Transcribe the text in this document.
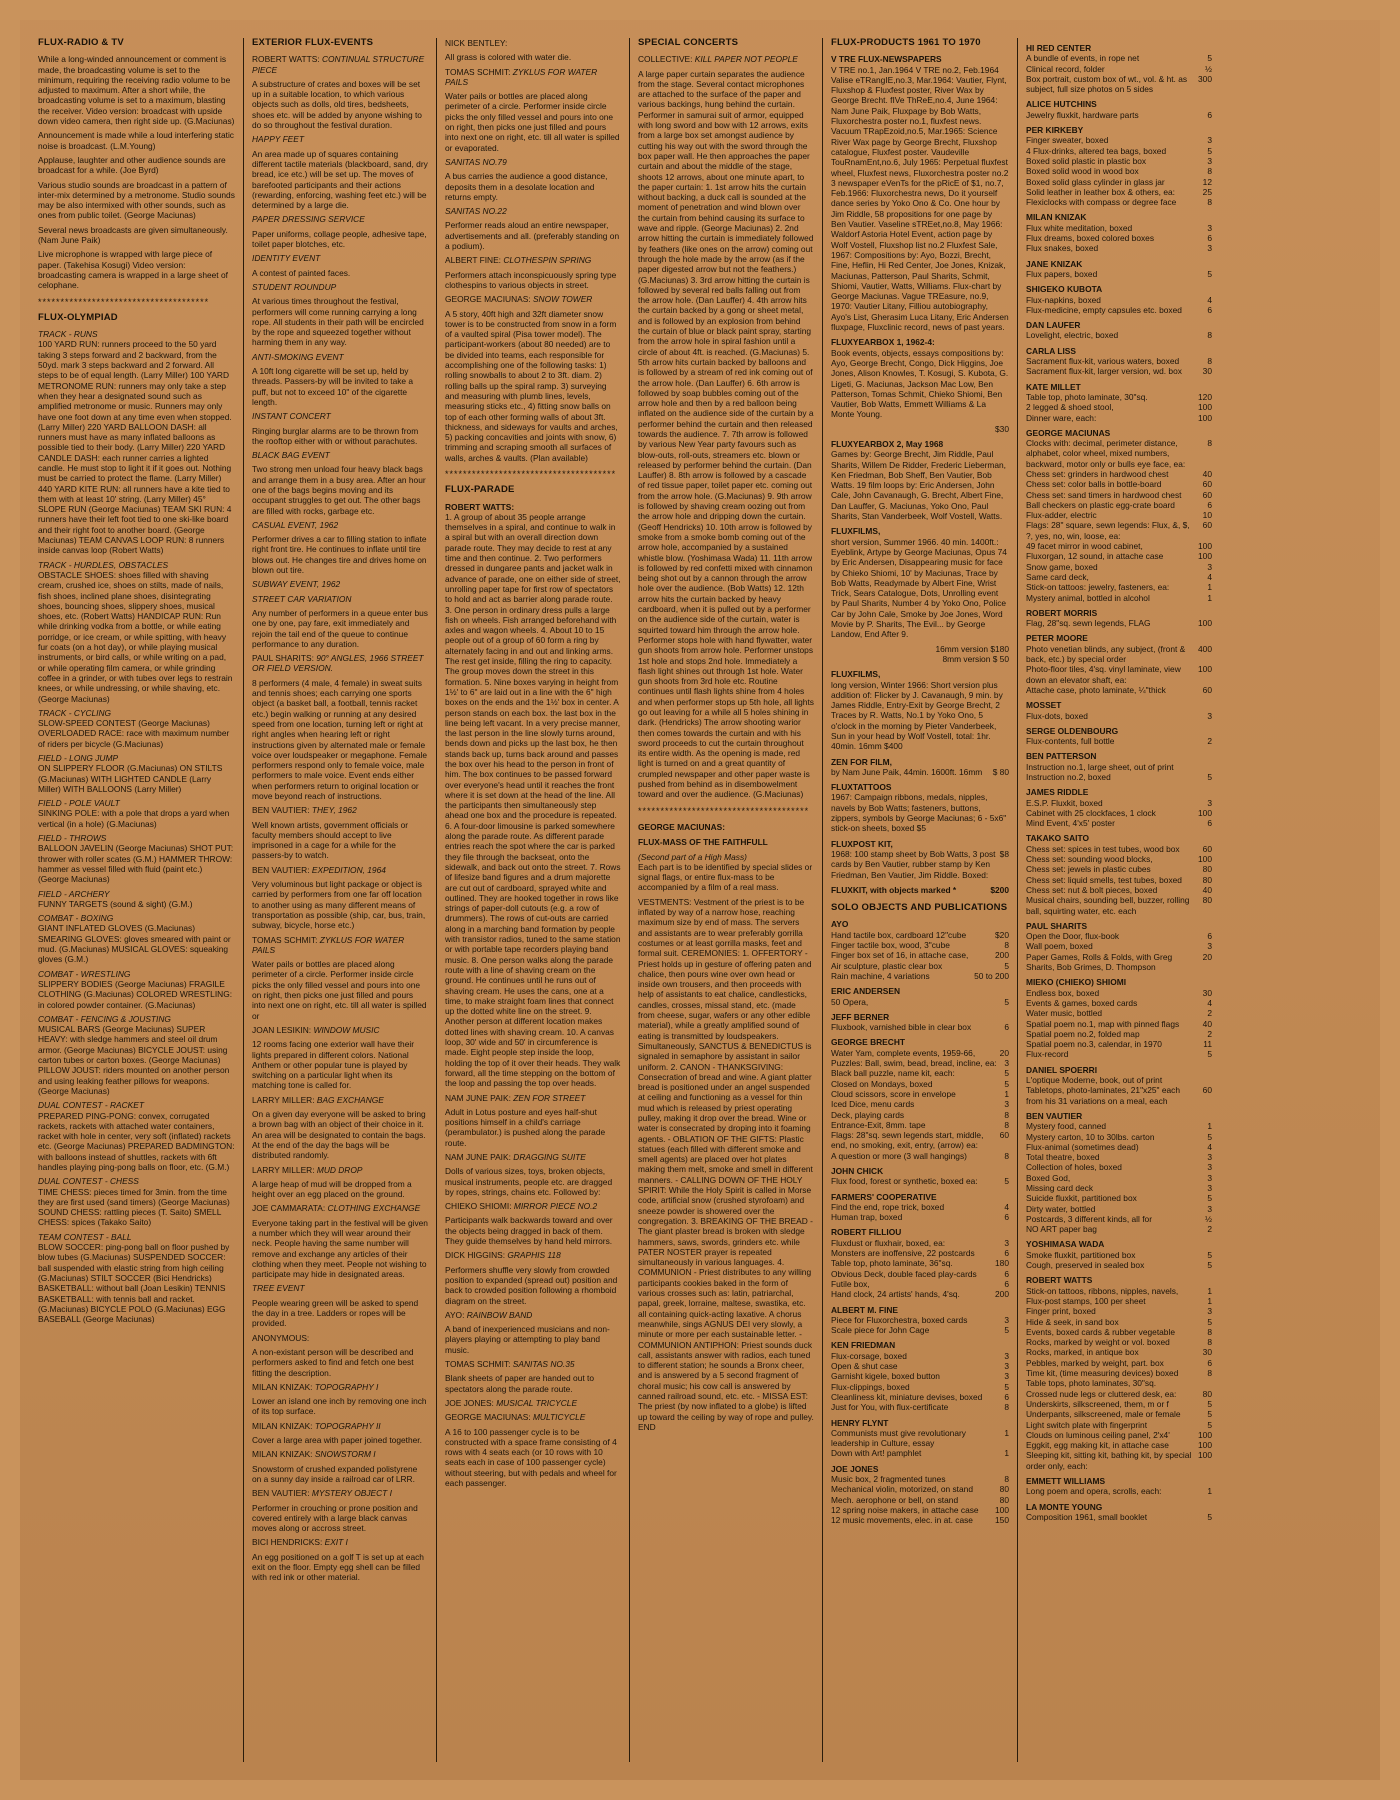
FLUX-RADIO & TV

While a long-winded announcement or comment is made, the broadcasting volume is set to the minimum, requiring the receiving radio volume to be adjusted to maximum. After a short while, the broadcasting volume is set to a maximum, blasting the receiver. Video version: broadcast with upside down video camera, then right side up. (G.Maciunas)

Announcement is made while a loud interfering static noise is broadcast. (L.M.Young)

Applause, laughter and other audience sounds are broadcast for a while. (Joe Byrd)

Various studio sounds are broadcast in a pattern of inter-mix determined by a metronome. Studio sounds may be also intermixed with other sounds, such as ones from public toilet. (George Maciunas)

Several news broadcasts are given simultaneously. (Nam June Paik)

Live microphone is wrapped with large piece of paper. (Takehisa Kosugi) Video version: broadcasting camera is wrapped in a large sheet of celophane.

**************************************
FLUX-OLYMPIAD
TRACK - RUNS

100 YARD RUN: runners proceed to the 50 yard taking 3 steps forward and 2 backward, from the 50yd. mark 3 steps backward and 2 forward. All steps to be of equal length. (Larry Miller) 100 YARD METRONOME RUN: runners may only take a step when they hear a designated sound such as amplified metronome or music. Runners may only have one foot down at any time even when stopped. (Larry Miller) 220 YARD BALLOON DASH: all runners must have as many inflated balloons as possible tied to their body. (Larry Miller) 220 YARD CANDLE DASH: each runner carries a lighted candle. He must stop to light it if it goes out. Nothing must be carried to protect the flame. (Larry Miller) 440 YARD KITE RUN: all runners have a kite tied to them with at least 10' string. (Larry Miller) 45° SLOPE RUN (George Maciunas) TEAM SKI RUN: 4 runners have their left foot tied to one ski-like board and their right foot to another board. (George Maciunas) TEAM CANVAS LOOP RUN: 8 runners inside canvas loop (Robert Watts)

TRACK - HURDLES, OBSTACLES

OBSTACLE SHOES: shoes filled with shaving cream, crushed ice, shoes on stilts, made of nails, fish shoes, inclined plane shoes, disintegrating shoes, bouncing shoes, slippery shoes, musical shoes, etc. (Robert Watts) HANDICAP RUN: Run while drinking vodka from a bottle, or while eating porridge, or ice cream, or while spitting, with heavy fur coats (on a hot day), or while playing musical instruments, or bird calls, or while writing on a pad, or while operating film camera, or while grinding coffee in a grinder, or with tubes over legs to restrain knees, or while undressing, or while shaving, etc. (George Maciunas)

TRACK - CYCLING

SLOW-SPEED CONTEST (George Maciunas) OVERLOADED RACE: race with maximum number of riders per bicycle (G.Maciunas)

FIELD - LONG JUMP

ON SLIPPERY FLOOR (G.Maciunas) ON STILTS (G.Maciunas) WITH LIGHTED CANDLE (Larry Miller) WITH BALLOONS (Larry Miller)

FIELD - POLE VAULT

SINKING POLE: with a pole that drops a yard when vertical (in a hole) (G.Maciunas)

FIELD - THROWS

BALLOON JAVELIN (George Maciunas) SHOT PUT: thrower with roller scates (G.M.) HAMMER THROW: hammer as vessel filled with fluid (paint etc.) (George Maciunas)

FIELD - ARCHERY

FUNNY TARGETS (sound & sight) (G.M.)

COMBAT - BOXING

GIANT INFLATED GLOVES (G.Maciunas) SMEARING GLOVES: gloves smeared with paint or mud. (G.Maciunas) MUSICAL GLOVES: squeaking gloves (G.M.)

COMBAT - WRESTLING

SLIPPERY BODIES (George Maciunas) FRAGILE CLOTHING (G.Maciunas) COLORED WRESTLING: in colored powder container. (G.Maciunas)

COMBAT - FENCING & JOUSTING

MUSICAL BARS (George Maciunas) SUPER HEAVY: with sledge hammers and steel oil drum armor. (George Maciunas) BICYCLE JOUST: using carton tubes or carton boxes. (George Maciunas) PILLOW JOUST: riders mounted on another person and using leaking feather pillows for weapons. (George Maciunas)

DUAL CONTEST - RACKET

PREPARED PING-PONG: convex, corrugated rackets, rackets with attached water containers, racket with hole in center, very soft (inflated) rackets etc. (George Maciunas) PREPARED BADMINGTON: with balloons instead of shuttles, rackets with 6ft handles playing ping-pong balls on floor, etc. (G.M.)

DUAL CONTEST - CHESS

TIME CHESS: pieces timed for 3min. from the time they are first used (sand timers) (George Maciunas) SOUND CHESS: rattling pieces (T. Saito) SMELL CHESS: spices (Takako Saito)

TEAM CONTEST - BALL

BLOW SOCCER: ping-pong ball on floor pushed by blow tubes (G.Maciunas) SUSPENDED SOCCER: ball suspended with elastic string from high ceiling (G.Maciunas) STILT SOCCER (Bici Hendricks) BASKETBALL: without ball (Joan Lesikin) TENNIS BASKETBALL: with tennis ball and racket. (G.Maciunas) BICYCLE POLO (G.Maciunas) EGG BASEBALL (George Maciunas)

EXTERIOR FLUX-EVENTS
ROBERT WATTS: CONTINUAL STRUCTURE PIECE

A substructure of crates and boxes will be set up in a suitable location, to which various objects such as dolls, old tires, bedsheets, shoes etc. will be added by anyone wishing to do so throughout the festival duration.

HAPPY FEET

An area made up of squares containing different tactile materials (blackboard, sand, dry bread, ice etc.) will be set up. The moves of barefooted participants and their actions (rewarding, enforcing, washing feet etc.) will be determined by a large die.

PAPER DRESSING SERVICE

Paper uniforms, collage people, adhesive tape, toilet paper blotches, etc.

IDENTITY EVENT

A contest of painted faces.

STUDENT ROUNDUP

At various times throughout the festival, performers will come running carrying a long rope. All students in their path will be encircled by the rope and squeezed together without harming them in any way.

ANTI-SMOKING EVENT

A 10ft long cigarette will be set up, held by threads. Passers-by will be invited to take a puff, but not to exceed 10" of the cigarette length.

INSTANT CONCERT

Ringing burglar alarms are to be thrown from the rooftop either with or without parachutes.

BLACK BAG EVENT

Two strong men unload four heavy black bags and arrange them in a busy area. After an hour one of the bags begins moving and its occupant struggles to get out. The other bags are filled with rocks, garbage etc.

CASUAL EVENT, 1962

Performer drives a car to filling station to inflate right front tire. He continues to inflate until tire blows out. He changes tire and drives home on blown out tire.

SUBWAY EVENT, 1962
STREET CAR VARIATION

Any number of performers in a queue enter bus one by one, pay fare, exit immediately and rejoin the tail end of the queue to continue performance to any duration.

PAUL SHARITS: 90° ANGLES, 1966 STREET OR FIELD VERSION.

8 performers (4 male, 4 female) in sweat suits and tennis shoes; each carrying one sports object (a basket ball, a football, tennis racket etc.) begin walking or running at any desired speed from one location, turning left or right at right angles when hearing left or right instructions given by alternated male or female voice over loudspeaker or megaphone. Female performers respond only to female voice, male performers to male voice. Event ends either when performers return to original location or move beyond reach of instructions.

BEN VAUTIER: THEY, 1962

Well known artists, government officials or faculty members should accept to live imprisoned in a cage for a while for the passers-by to watch.

BEN VAUTIER: EXPEDITION, 1964

Very voluminous but light package or object is carried by performers from one far off location to another using as many different means of transportation as possible (ship, car, bus, train, subway, bicycle, horse etc.)

TOMAS SCHMIT: ZYKLUS FOR WATER PAILS

Water pails or bottles are placed along perimeter of a circle. Performer inside circle picks the only filled vessel and pours into one on right, then picks one just filled and pours into next one on right, etc. till all water is spilled or

JOAN LESIKIN: WINDOW MUSIC

12 rooms facing one exterior wall have their lights prepared in different colors. National Anthem or other popular tune is played by switching on a particular light when its matching tone is called for.

LARRY MILLER: BAG EXCHANGE

On a given day everyone will be asked to bring a brown bag with an object of their choice in it. An area will be designated to contain the bags. At the end of the day the bags will be distributed randomly.

LARRY MILLER: MUD DROP

A large heap of mud will be dropped from a height over an egg placed on the ground.

JOE CAMMARATA: CLOTHING EXCHANGE

Everyone taking part in the festival will be given a number which they will wear around their neck. People having the same number will remove and exchange any articles of their clothing when they meet. People not wishing to participate may hide in designated areas.

TREE EVENT

People wearing green will be asked to spend the day in a tree. Ladders or ropes will be provided.

ANONYMOUS:

A non-existant person will be described and performers asked to find and fetch one best fitting the description.

MILAN KNIZAK: TOPOGRAPHY I

Lower an island one inch by removing one inch of its top surface.

MILAN KNIZAK: TOPOGRAPHY II

Cover a large area with paper joined together.

MILAN KNIZAK: SNOWSTORM I

Snowstorm of crushed expanded polistyrene on a sunny day inside a railroad car of LRR.

BEN VAUTIER: MYSTERY OBJECT I

Performer in crouching or prone position and covered entirely with a large black canvas moves along or accross street.

BICI HENDRICKS: EXIT I

An egg positioned on a golf T is set up at each exit on the floor. Empty egg shell can be filled with red ink or other material.

NICK BENTLEY:

All grass is colored with water die.

TOMAS SCHMIT: ZYKLUS FOR WATER PAILS

Water pails or bottles are placed along perimeter of a circle. Performer inside circle picks the only filled vessel and pours into one on right, then picks one just filled and pours into next one on right, etc. till all water is spilled or evaporated.

SANITAS NO.79

A bus carries the audience a good distance, deposits them in a desolate location and returns empty.

SANITAS NO.22

Performer reads aloud an entire newspaper, advertisements and all. (preferably standing on a podium).

ALBERT FINE: CLOTHESPIN SPRING

Performers attach inconspicuously spring type clothespins to various objects in street.

GEORGE MACIUNAS: SNOW TOWER

A 5 story, 40ft high and 32ft diameter snow tower is to be constructed from snow in a form of a vaulted spiral (Pisa tower model). The participant-workers (about 80 needed) are to be divided into teams, each responsible for accomplishing one of the following tasks: 1) rolling snowballs to about 2 to 3ft. diam. 2) rolling balls up the spiral ramp. 3) surveying and measuring with plumb lines, levels, measuring sticks etc., 4) fitting snow balls on top of each other forming walls of about 3ft. thickness, and sideways for vaults and arches, 5) packing concavities and joints with snow, 6) trimming and scraping smooth all surfaces of walls, arches & vaults. (Plan available)

**************************************
FLUX-PARADE
ROBERT WATTS:

1. A group of about 35 people arrange themselves in a spiral, and continue to walk in a spiral but with an overall direction down parade route. They may decide to rest at any time and then continue. 2. Two performers dressed in dungaree pants and jacket walk in advance of parade, one on either side of street, unrolling paper tape for first row of spectators to hold and act as barrier along parade route. 3. One person in ordinary dress pulls a large fish on wheels. Fish arranged beforehand with axles and wagon wheels. 4. About 10 to 15 people out of a group of 60 form a ring by alternately facing in and out and linking arms. The rest get inside, filling the ring to capacity. The group moves down the street in this formation. 5. Nine boxes varying in height from 1½' to 6" are laid out in a line with the 6" high boxes on the ends and the 1½' box in center. A person stands on each box. the last box in the line being left vacant. In a very precise manner, the last person in the line slowly turns around, bends down and picks up the last box, he then stands back up, turns back around and passes the box over his head to the person in front of him. The box continues to be passed forward over everyone's head until it reaches the front where it is set down at the head of the line. All the participants then simultaneously step ahead one box and the procedure is repeated. 6. A four-door limousine is parked somewhere along the parade route. As different parade entries reach the spot where the car is parked they file through the backseat, onto the sidewalk, and back out onto the street. 7. Rows of lifesize band figures and a drum majorette are cut out of cardboard, sprayed white and outlined. They are hooked together in rows like strings of paper-doll cutouts (e.g. a row of drummers). The rows of cut-outs are carried along in a marching band formation by people with transistor radios, tuned to the same station or with portable tape recorders playing band music. 8. One person walks along the parade route with a line of shaving cream on the ground. He continues until he runs out of shaving cream. He uses the cans, one at a time, to make straight foam lines that connect up the dotted white line on the street. 9. Another person at different location makes dotted lines with shaving cream. 10. A canvas loop, 30' wide and 50' in circumference is made. Eight people step inside the loop, holding the top of it over their heads. They walk forward, all the time stepping on the bottom of the loop and passing the top over heads.

NAM JUNE PAIK: ZEN FOR STREET

Adult in Lotus posture and eyes half-shut positions himself in a child's carriage (perambulator.) is pushed along the parade route.

NAM JUNE PAIK: DRAGGING SUITE

Dolls of various sizes, toys, broken objects, musical instruments, people etc. are dragged by ropes, strings, chains etc. Followed by:

CHIEKO SHIOMI: MIRROR PIECE NO.2

Participants walk backwards toward and over the objects being dragged in back of them. They guide themselves by hand held mirrors.

DICK HIGGINS: GRAPHIS 118

Performers shuffle very slowly from crowded position to expanded (spread out) position and back to crowded position following a rhomboid diagram on the street.

AYO: RAINBOW BAND

A band of inexperienced musicians and non-players playing or attempting to play band music.

TOMAS SCHMIT: SANITAS NO.35

Blank sheets of paper are handed out to spectators along the parade route.

JOE JONES: MUSICAL TRICYCLE
GEORGE MACIUNAS: MULTICYCLE

A 16 to 100 passenger cycle is to be constructed with a space frame consisting of 4 rows with 4 seats each (or 10 rows with 10 seats each in case of 100 passenger cycle) without steering, but with pedals and wheel for each passenger.

SPECIAL CONCERTS
COLLECTIVE: KILL PAPER NOT PEOPLE

A large paper curtain separates the audience from the stage. Several contact microphones are attached to the surface of the paper and various backings, hung behind the curtain. Performer in samurai suit of armor, equipped with long sword and bow with 12 arrows, exits from a large box set amongst audience by cutting his way out with the sword through the box paper wall. He then approaches the paper curtain and about the middle of the stage, shoots 12 arrows, about one minute apart, to the paper curtain: 1. 1st arrow hits the curtain without backing, a duck call is sounded at the moment of penetration and wind blown over the curtain from behind causing its surface to wave and ripple. (George Maciunas) 2. 2nd arrow hitting the curtain is immediately followed by feathers (like ones on the arrow) coming out through the hole made by the arrow (as if the paper digested arrow but not the feathers.) (G.Maciunas) 3. 3rd arrow hitting the curtain is followed by several red balls falling out from the arrow hole. (Dan Lauffer) 4. 4th arrow hits the curtain backed by a gong or sheet metal, and is followed by an explosion from behind the curtain of blue or black paint spray, starting from the arrow hole in spiral fashion until a circle of about 4ft. is reached. (G.Maciunas) 5. 5th arrow hits curtain backed by balloons and is followed by a stream of red ink coming out of the arrow hole. (Dan Lauffer) 6. 6th arrow is followed by soap bubbles coming out of the arrow hole and then by a red balloon being inflated on the audience side of the curtain by a performer behind the curtain and then released towards the audience. 7. 7th arrow is followed by various New Year party favours such as blow-outs, roll-outs, streamers etc. blown or released by performer behind the curtain. (Dan Lauffer) 8. 8th arrow is followed by a cascade of red tissue paper, toilet paper etc. coming out from the arrow hole. (G.Maciunas) 9. 9th arrow is followed by shaving cream oozing out from the arrow hole and dripping down the curtain. (Geoff Hendricks) 10. 10th arrow is followed by smoke from a smoke bomb coming out of the arrow hole, accompanied by a sustained whistle blow. (Yoshimasa Wada) 11. 11th arrow is followed by red confetti mixed with cinnamon being shot out by a cannon through the arrow hole over the audience. (Bob Watts) 12. 12th arrow hits the curtain backed by heavy cardboard, when it is pulled out by a performer on the audience side of the curtain, water is squirted toward him through the arrow hole. Performer stops hole with hand flywatter, water gun shoots from arrow hole. Performer unstops 1st hole and stops 2nd hole. Immediately a flash light shines out through 1st hole. Water gun shoots from 3rd hole etc. Routine continues until flash lights shine from 4 holes and when performer stops up 5th hole, all lights go out leaving for a while all 5 holes shining in dark. (Hendricks) The arrow shooting warior then comes towards the curtain and with his sword proceeds to cut the curtain throughout its entire width. As the opening is made, red light is turned on and a great quantity of crumpled newspaper and other paper waste is pushed from behind as in disembowelment toward and over the audience. (G.Maciunas)

**************************************
GEORGE MACIUNAS:
FLUX-MASS OF THE FAITHFULL
(Second part of a High Mass)

Each part is to be identified by special slides or signal flags, or entire flux-mass to be accompanied by a film of a real mass.

VESTMENTS: Vestment of the priest is to be inflated by way of a narrow hose, reaching maximum size by end of mass. The servers and assistants are to wear preferably gorrilla costumes or at least gorrilla masks, feet and formal suit. CEREMONIES: 1. OFFERTORY - Priest holds up in gesture of offering paten and chalice, then pours wine over own head or inside own trousers, and then proceeds with help of assistants to eat chalice, candlesticks, candles, crosses, missal stand, etc. (made from cheese, sugar, wafers or any other edible material), while a greatly amplified sound of eating is transmitted by loudspeakers. Simultaneously, SANCTUS & BENEDICTUS is signaled in semaphore by assistant in sailor uniform. 2. CANON - THANKSGIVING: Consecration of bread and wine. A giant platter bread is positioned under an angel suspended at ceiling and functioning as a vessel for thin mud which is released by priest operating pulley, making it drop over the bread. Wine or water is consecrated by droping into it foaming agents. - OBLATION OF THE GIFTS: Plastic statues (each filled with different smoke and smell agents) are placed over hot plates making them melt, smoke and smell in different manners. - CALLING DOWN OF THE HOLY SPIRIT: While the Holy Spirit is called in Morse code, artificial snow (crushed styrofoam) and sneeze powder is showered over the congregation. 3. BREAKING OF THE BREAD - The giant plaster bread is broken with sledge hammers, saws, swords, grinders etc. while PATER NOSTER prayer is repeated simultaneously in various languages. 4. COMMUNION - Priest distributes to any willing participants cookies baked in the form of various crosses such as: latin, patriarchal, papal, greek, lorraine, maltese, swastika, etc. all containing quick-acting laxative. A chorus meanwhile, sings AGNUS DEI very slowly, a minute or more per each sustainable letter. - COMMUNION ANTIPHON: Priest sounds duck call, assistants answer with radios, each tuned to different station; he sounds a Bronx cheer, and is answered by a 5 second fragment of choral music; his cow call is answered by canned railroad sound, etc. etc. - MISSA EST: The priest (by now inflated to a globe) is lifted up toward the ceiling by way of rope and pulley. END

FLUX-PRODUCTS 1961 TO 1970
V TRE FLUX-NEWSPAPERS

V TRE no.1, Jan.1964 V TRE no.2, Feb.1964 Valise eTRangIE,no.3, Mar.1964: Vautier, Flynt, Fluxshop & Fluxfest poster, River Wax by George Brecht. fIVe ThReE,no.4, June 1964: Nam June Paik, Fluxpage by Bob Watts, Fluxorchestra poster no.1, fluxfest news. Vacuum TRapEzoid,no.5, Mar.1965: Science River Wax page by George Brecht, Fluxshop catalogue, Fluxfest poster. Vaudeville TouRnamEnt,no.6, July 1965: Perpetual fluxfest wheel, Fluxfest news, Fluxorchestra poster no.2 3 newspaper eVenTs for the pRicE of $1, no.7, Feb.1966: Fluxorchestra news, Do it yourself dance series by Yoko Ono & Co. One hour by Jim Riddle, 58 propositions for one page by Ben Vautier. Vaseline sTREet,no.8, May 1966: Waldorf Astoria Hotel Event, action page by Wolf Vostell, Fluxshop list no.2 Fluxfest Sale, 1967: Compositions by: Ayo, Bozzi, Brecht, Fine, Heflin, Hi Red Center, Joe Jones, Knizak, Maciunas, Patterson, Paul Sharits, Schmit, Shiomi, Vautier, Watts, Williams. Flux-chart by George Maciunas. Vague TREasure, no.9, 1970: Vautier Litany, Filliou autobiography, Ayo's List, Gherasim Luca Litany, Eric Andersen fluxpage, Fluxclinic record, news of past years.

FLUXYEARBOX 1, 1962-4:

Book events, objects, essays compositions by: Ayo, George Brecht, Congo, Dick Higgins, Joe Jones, Alison Knowles, T. Kosugi, S. Kubota, G. Ligeti, G. Maciunas, Jackson Mac Low, Ben Patterson, Tomas Schmit, Chieko Shiomi, Ben Vautier, Bob Watts, Emmett Williams & La Monte Young.

$30
FLUXYEARBOX 2, May 1968

Games by: George Brecht, Jim Riddle, Paul Sharits, Willem De Ridder, Frederic Lieberman, Ken Friedman, Bob Sheff, Ben Vautier, Bob Watts. 19 film loops by: Eric Andersen, John Cale, John Cavanaugh, G. Brecht, Albert Fine, Dan Lauffer, G. Maciunas, Yoko Ono, Paul Sharits, Stan Vanderbeek, Wolf Vostell, Watts.

FLUXFILMS,

short version, Summer 1966. 40 min. 1400ft.: Eyeblink, Artype by George Maciunas, Opus 74 by Eric Andersen, Disappearing music for face by Chieko Shiomi, 10' by Maciunas, Trace by Bob Watts, Readymade by Albert Fine, Wrist Trick, Sears Catalogue, Dots, Unrolling event by Paul Sharits, Number 4 by Yoko Ono, Police Car by John Cale, Smoke by Joe Jones, Word Movie by P. Sharits, The Evil... by George Landow, End After 9.

16mm version $180
8mm version $ 50
FLUXFILMS,

long version, Winter 1966: Short version plus addition of: Flicker by J. Cavanaugh, 9 min. by James Riddle, Entry-Exit by George Brecht, 2 Traces by R. Watts, No.1 by Yoko Ono, 5 o'clock in the morning by Pieter Vanderbeek, Sun in your head by Wolf Vostell, total: 1hr. 40min. 16mm $400

ZEN FOR FILM,
by Nam June Paik, 44min. 1600ft. 16mm	$ 80
FLUXTATTOOS

1967: Campaign ribbons, medals, nipples, navels by Bob Watts; fasteners, buttons, zippers, symbols by George Maciunas; 6 - 5x6" stick-on sheets, boxed $5

FLUXPOST KIT,
1968: 100 stamp sheet by Bob Watts, 3 post cards by Ben Vautier, rubber stamp by Ken Friedman, Ben Vautier, Jim Riddle. Boxed:
$8
FLUXKIT, with objects marked *	$200
SOLO OBJECTS AND PUBLICATIONS
AYO
Hand tactile box, cardboard 12"cube	$20
Finger tactile box, wood, 3"cube	8
Finger box set of 16, in attache case,	200
Air sculpture, plastic clear box	5
Rain machine, 4 variations	50 to 200
ERIC ANDERSEN
50 Opera,	5
JEFF BERNER
Fluxbook, varnished bible in clear box	6
GEORGE BRECHT
Water Yam, complete events, 1959-66,	20
Puzzles: Ball, swim, bead, bread, incline, ea: 3
Black ball puzzle, name kit, each:	5
Closed on Mondays, boxed	5
Cloud scissors, score in envelope	1
Iced Dice, menu cards	3
Deck, playing cards	8
Entrance-Exit, 8mm. tape	8
Flags: 28"sq. sewn legends start, middle, end, no smoking, exit, entry, (arrow) ea:
60
A question or more (3 wall hangings)	8
JOHN CHICK
Flux food, forest or synthetic, boxed ea:	5
FARMERS' COOPERATIVE
Find the end, rope trick, boxed	4
Human trap, boxed	6
ROBERT FILLIOU
Fluxdust or fluxhair, boxed, ea:	3
Monsters are inoffensive, 22 postcards	6
Table top, photo laminate, 36"sq.	180
Obvious Deck, double faced play-cards	6
Futile box,	6
Hand clock, 24 artists' hands, 4'sq.	200
ALBERT M. FINE
Piece for Fluxorchestra, boxed cards	3
Scale piece for John Cage	5
KEN FRIEDMAN
Flux-corsage, boxed	3
Open & shut case	3
Garnisht kigele, boxed button	3
Flux-clippings, boxed	5
Cleanliness kit, miniature devises, boxed	6
Just for You, with flux-certificate	8
HENRY FLYNT
Communists must give revolutionary leadership in Culture, essay
1
Down with Art! pamphlet	1
JOE JONES
Music box, 2 fragmented tunes	8
Mechanical violin, motorized, on stand	80
Mech. aerophone or bell, on stand	80
12 spring noise makers, in attache case	100
12 music movements, elec. in at. case	150
HI RED CENTER
A bundle of events, in rope net	5
Clinical record, folder	½
Box portrait, custom box of wt., vol. & ht. as subject, full size photos on 5 sides
300
ALICE HUTCHINS
Jewelry fluxkit, hardware parts	6
PER KIRKEBY
Finger sweater, boxed	3
4 Flux-drinks, altered tea bags, boxed	5
Boxed solid plastic in plastic box	3
Boxed solid wood in wood box	8
Boxed solid glass cylinder in glass jar	12
Solid leather in leather box & others, ea:	25
Flexiclocks with compass or degree face	8
MILAN KNIZAK
Flux white meditation, boxed	3
Flux dreams, boxed colored boxes	6
Flux snakes, boxed	3
JANE KNIZAK
Flux papers, boxed	5
SHIGEKO KUBOTA
Flux-napkins, boxed	4
Flux-medicine, empty capsules etc. boxed	6
DAN LAUFER
Lovelight, electric, boxed	8
CARLA LISS
Sacrament flux-kit, various waters, boxed	8
Sacrament flux-kit, larger version, wd. box	30
KATE MILLET
Table top, photo laminate, 30"sq.	120
2 legged & shoed stool,	100
Dinner ware, each:	100
GEORGE MACIUNAS
Clocks with: decimal, perimeter distance, alphabet, color wheel, mixed numbers, backward, motor only or bulls eye face, ea:
8
Chess set: grinders in hardwood chest	40
Chess set: color balls in bottle-board	60
Chess set: sand timers in hardwood chest	60
Ball checkers on plastic egg-crate board	6
Flux-adder, electric	10
Flags: 28" square, sewn legends: Flux, &, $, ?, yes, no, win, loose, ea:
60
49 facet mirror in wood cabinet,	100
Fluxorgan, 12 sound, in attache case	100
Snow game, boxed	3
Same card deck,	4
Stick-on tattoos: jewelry, fasteners, ea:	1
Mystery animal, bottled in alcohol	1
ROBERT MORRIS
Flag, 28"sq. sewn legends, FLAG	100
PETER MOORE
Photo venetian blinds, any subject, (front & back, etc.) by special order
400
Photo-floor tiles, 4'sq. vinyl laminate, view down an elevator shaft, ea:
100
Attache case, photo laminate, ¼"thick	60
MOSSET
Flux-dots, boxed	3
SERGE OLDENBOURG
Flux-contents, full bottle	2
BEN PATTERSON
Instruction no.1, large sheet, out of print
Instruction no.2, boxed	5
JAMES RIDDLE
E.S.P. Fluxkit, boxed	3
Cabinet with 25 clockfaces, 1 clock	100
Mind Event, 4'x5' poster	6
TAKAKO SAITO
Chess set: spices in test tubes, wood box	60
Chess set: sounding wood blocks,	100
Chess set: jewels in plastic cubes	80
Chess set: liquid smells, test tubes, boxed	80
Chess set: nut & bolt pieces, boxed	40
Musical chairs, sounding bell, buzzer, rolling ball, squirting water, etc. each
80
PAUL SHARITS
Open the Door, flux-book	6
Wall poem, boxed	3
Paper Games, Rolls & Folds, with Greg Sharits, Bob Grimes, D. Thompson
20
MIEKO (CHIEKO) SHIOMI
Endless box, boxed	30
Events & games, boxed cards	4
Water music, bottled	2
Spatial poem no.1, map with pinned flags	40
Spatial poem no.2, folded map	2
Spatial poem no.3, calendar, in 1970	11
Flux-record	5
DANIEL SPOERRI
L'optique Moderne, book, out of print
Tabletops, photo-laminates, 21"x25" each from his 31 variations on a meal, each
60
BEN VAUTIER
Mystery food, canned	1
Mystery carton, 10 to 30lbs. carton	5
Flux-animal (sometimes dead)	4
Total theatre, boxed	3
Collection of holes, boxed	3
Boxed God,	3
Missing card deck	3
Suicide fluxkit, partitioned box	5
Dirty water, bottled	3
Postcards, 3 different kinds, all for	½
NO ART paper bag	2
YOSHIMASA WADA
Smoke fluxkit, partitioned box	5
Cough, preserved in sealed box	5
ROBERT WATTS
Stick-on tattoos, ribbons, nipples, navels,	1
Flux-post stamps, 100 per sheet	1
Finger print, boxed	3
Hide & seek, in sand box	5
Events, boxed cards & rubber vegetable	8
Rocks, marked by weight or vol. boxed	8
Rocks, marked, in antique box	30
Pebbles, marked by weight, part. box	6
Time kit, (time measuring devices) boxed	8
Table tops, photo laminates, 30"sq.
Crossed nude legs or cluttered desk, ea:	80
Underskirts, silkscreened, them, m or f	5
Underpants, silkscreened, male or female	5
Light switch plate with fingerprint	5
Clouds on luminous ceiling panel, 2'x4'	100
Eggkit, egg making kit, in attache case	100
Sleeping kit, sitting kit, bathing kit, by special order only, each:
100
EMMETT WILLIAMS
Long poem and opera, scrolls, each:	1
LA MONTE YOUNG
Composition 1961, small booklet	5
